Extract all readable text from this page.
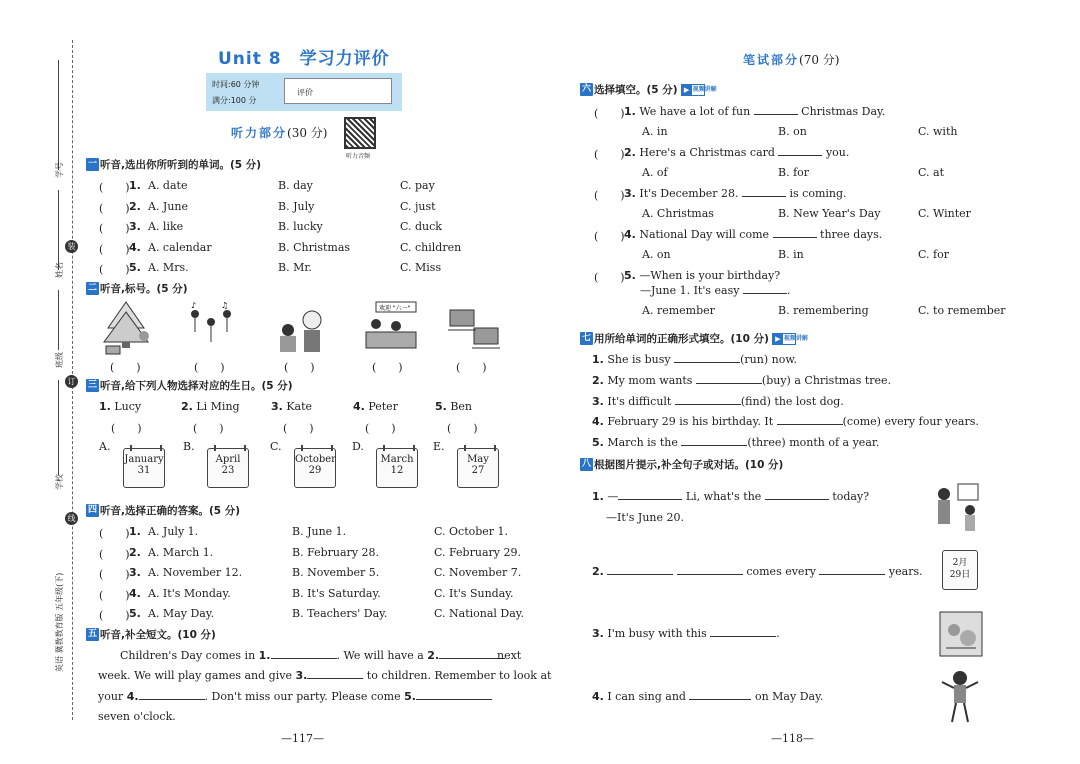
学号
装
姓名
班级
订
学校
线
英语 冀教教育版 五年级(下)
Unit 8　学习力评价
时间:60 分钟
满分:100 分
评价
听力部分(30 分)
听力音频
一 听音,选出你所听到的单词。(5 分)
(　　) 1. A. date	B. day	C. pay
(　　) 2. A. June	B. July	C. just
(　　) 3. A. like	B. lucky	C. duck
(　　) 4. A. calendar	B. Christmas	C. children
(　　) 5. A. Mrs.	B. Mr.	C. Miss
二 听音,标号。(5 分)
♪	♫	欢迎 "六一"
(　　)	(　　)	(　　)	(　　)	(　　)
三 听音,给下列人物选择对应的生日。(5 分)
1. Lucy
(　　)
2. Li Ming
(　　)
3. Kate
(　　)
4. Peter
(　　)
5. Ben
(　　)
A.
January
31
B.
April
23
C.
October
29
D.
March
12
E.
May
27
四 听音,选择正确的答案。(5 分)
(　　) 1. A. July 1.	B. June 1.	C. October 1.
(　　) 2. A. March 1.	B. February 28.	C. February 29.
(　　) 3. A. November 12.	B. November 5.	C. November 7.
(　　) 4. A. It's Monday.	B. It's Saturday.	C. It's Sunday.
(　　) 5. A. May Day.	B. Teachers' Day.	C. National Day.
五 听音,补全短文。(10 分)
Children's Day comes in 1.	. We will have a 2.	next
week. We will play games and give 3.	to children. Remember to look at
your 4.	. Don't miss our party. Please come 5.
seven o'clock.
—117—
笔试部分(70 分)
六 选择填空。(5 分) ▶ 视频讲解
(　　) 1. We have a lot of fun	Christmas Day.
A. in	B. on	C. with
(　　) 2. Here's a Christmas card	you.
A. of	B. for	C. at
(　　) 3. It's December 28.	is coming.
A. Christmas	B. New Year's Day	C. Winter
(　　) 4. National Day will come	three days.
A. on	B. in	C. for
(　　) 5. —When is your birthday?
—June 1. It's easy	.
A. remember	B. remembering	C. to remember
七 用所给单词的正确形式填空。(10 分) ▶ 视频讲解
1. She is busy	(run) now.
2. My mom wants	(buy) a Christmas tree.
3. It's difficult	(find) the lost dog.
4. February 29 is his birthday. It	(come) every four years.
5. March is the	(three) month of a year.
八 根据图片提示,补全句子或对话。(10 分)
1. —	Li, what's the	today?
—It's June 20.
2.	comes every	years.
2月
29日
3. I'm busy with this	.
4. I can sing and	on May Day.
—118—
